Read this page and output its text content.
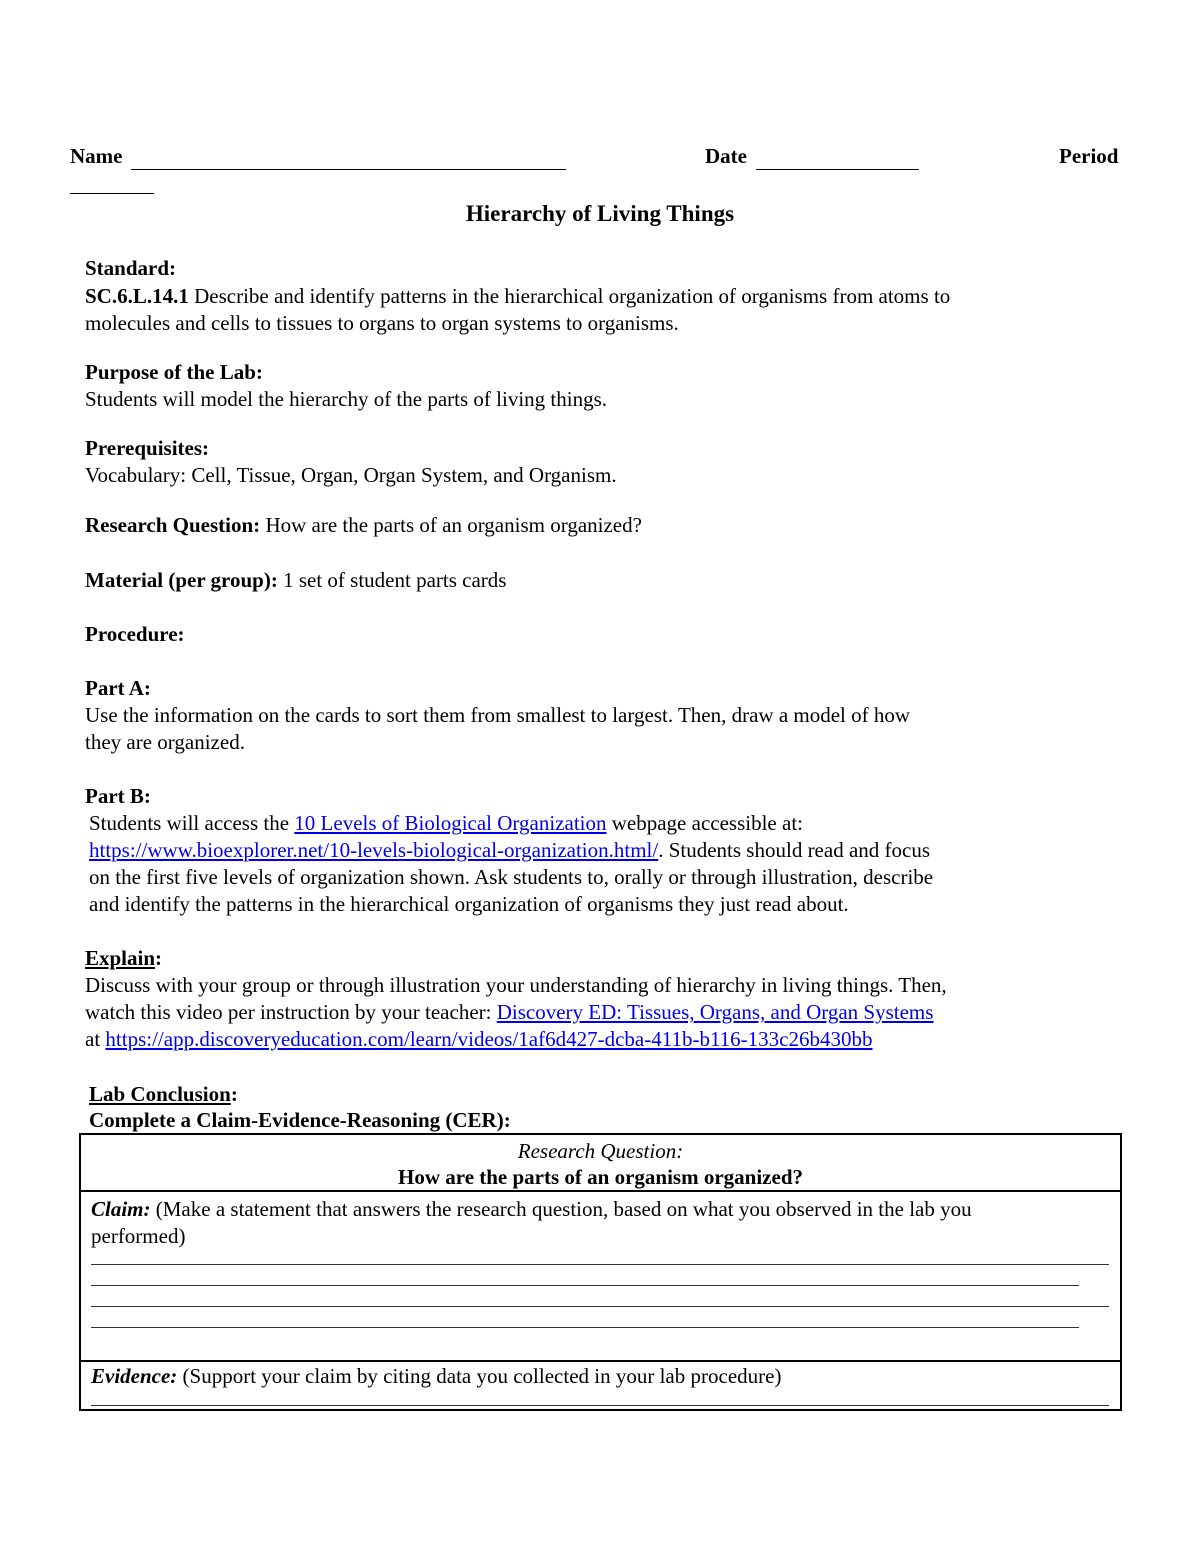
Name	Date	Period
Hierarchy of Living Things
Standard:
SC.6.L.14.1 Describe and identify patterns in the hierarchical organization of organisms from atoms to
molecules and cells to tissues to organs to organ systems to organisms.
Purpose of the Lab:
Students will model the hierarchy of the parts of living things.
Prerequisites:
Vocabulary: Cell, Tissue, Organ, Organ System, and Organism.
Research Question: How are the parts of an organism organized?
Material (per group): 1 set of student parts cards
Procedure:
Part A:
Use the information on the cards to sort them from smallest to largest. Then, draw a model of how
they are organized.
Part B:
Students will access the 10 Levels of Biological Organization webpage accessible at:
https://www.bioexplorer.net/10-levels-biological-organization.html/. Students should read and focus
on the first five levels of organization shown. Ask students to, orally or through illustration, describe
and identify the patterns in the hierarchical organization of organisms they just read about.
Explain:
Discuss with your group or through illustration your understanding of hierarchy in living things. Then,
watch this video per instruction by your teacher: Discovery ED: Tissues, Organs, and Organ Systems
at https://app.discoveryeducation.com/learn/videos/1af6d427-dcba-411b-b116-133c26b430bb
Lab Conclusion:
Complete a Claim-Evidence-Reasoning (CER):
Research Question:
How are the parts of an organism organized?
Claim: (Make a statement that answers the research question, based on what you observed in the lab you
performed)
Evidence: (Support your claim by citing data you collected in your lab procedure)
